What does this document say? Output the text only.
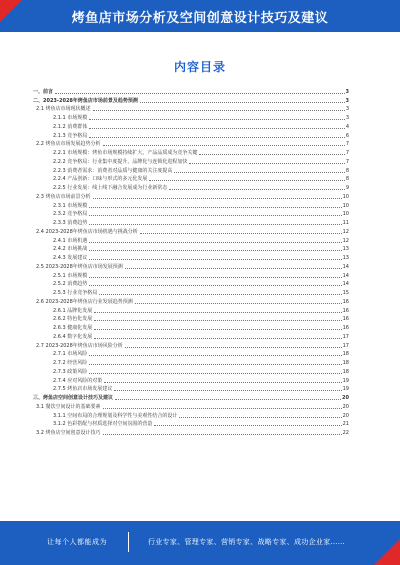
烤鱼店市场分析及空间创意设计技巧及建议
内容目录
一、前言	3
二、2023-2028年烤鱼店市场前景及趋势预测	3
2.1 烤鱼店市场现状概述	3
2.1.1 市场规模	3
2.1.2 消费群体	4
2.1.3 竞争格局	6
2.2 烤鱼店市场发展趋势分析	7
2.2.1 市场规模：烤鱼市场规模持续扩大，产品品质成为竞争关键	7
2.2.2 竞争格局：行业集中度提升，品牌化与连锁化进程加快	7
2.2.3 消费者需求：消费者对品质与健康的关注度提高	8
2.2.4 产品创新：口味与形式的多元化发展	8
2.2.5 行业发展：线上线下融合发展成为行业新常态	9
2.3 烤鱼店市场前景分析	10
2.3.1 市场规模	10
2.3.2 竞争格局	10
2.3.3 消费趋势	11
2.4 2023-2028年烤鱼店市场机遇与挑战分析	12
2.4.1 市场机遇	12
2.4.2 市场挑战	13
2.4.3 发展建议	13
2.5 2023-2028年烤鱼店市场发展预测	14
2.5.1 市场规模	14
2.5.2 消费趋势	14
2.5.3 行业竞争格局	15
2.6 2023-2028年烤鱼店行业发展趋势预测	16
2.6.1 品牌化发展	16
2.6.2 特色化发展	16
2.6.3 健康化发展	16
2.6.4 数字化发展	17
2.7 2023-2028年烤鱼店市场风险分析	17
2.7.1 市场风险	18
2.7.2 经营风险	18
2.7.3 政策风险	18
2.7.4 应对风险的对策	19
2.7.5 烤鱼店市场发展建议	19
三、烤鱼店空间创意设计技巧及建议	20
3.1 餐饮空间设计的基础要素	20
3.1.1 空间布局的合理规划及科学性与美观性结合的设计	20
3.1.2 色彩搭配与材质选择对空间氛围的营造	21
3.2 烤鱼店空间创意设计技巧	22
让每个人都能成为	行业专家、管理专家、营销专家、战略专家、成功企业家……
